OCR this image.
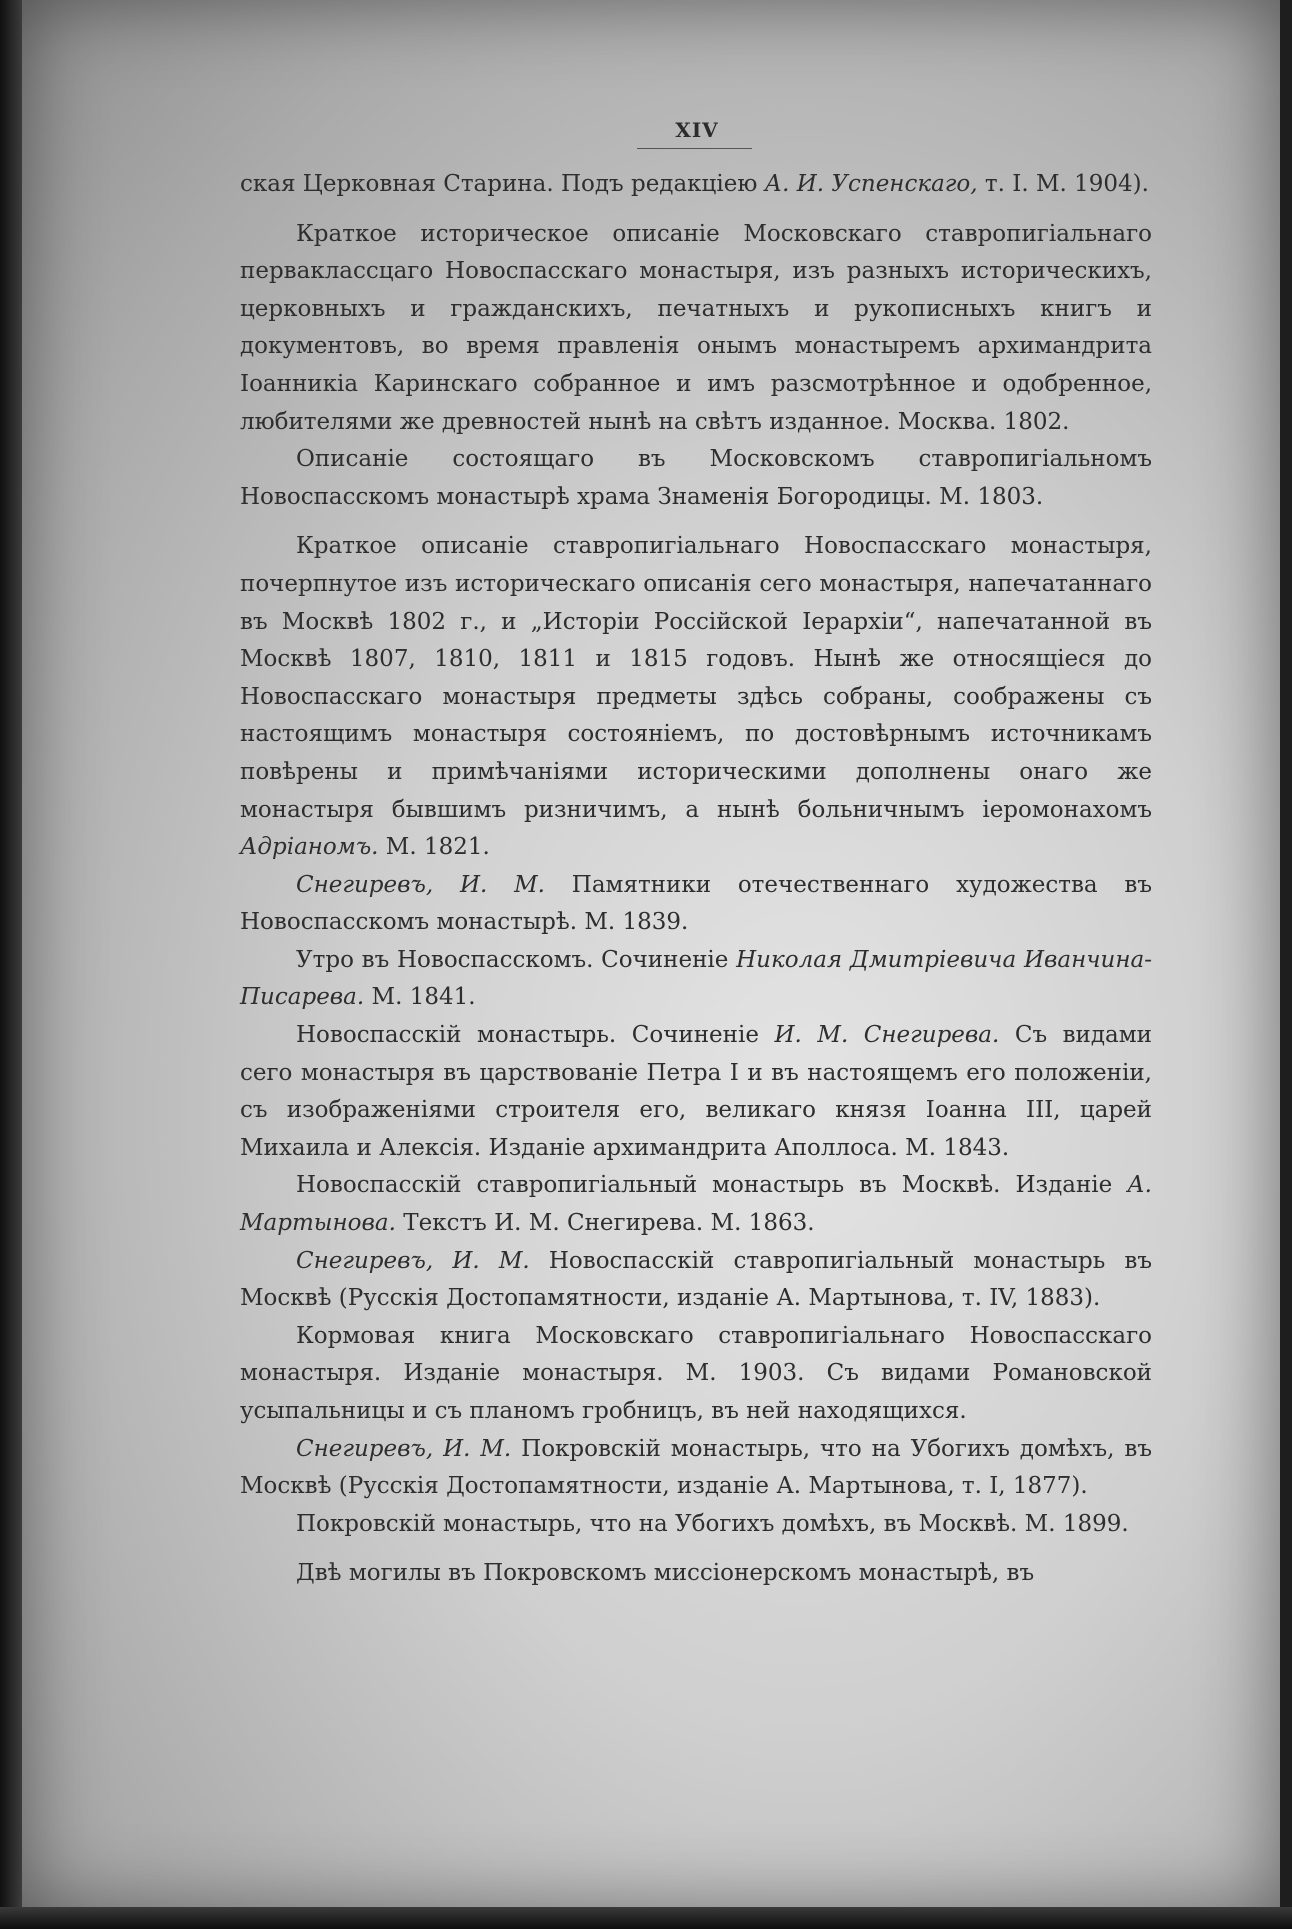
XIV

ская Церковная Старина. Подъ редакціею А. И. Успенскаго, т. I. М. 1904).

Краткое историческое описаніе Московскаго ставропигіальнаго перваклассцаго Новоспасскаго монастыря, изъ разныхъ историческихъ, церковныхъ и гражданскихъ, печатныхъ и рукописныхъ книгъ и документовъ, во время правленія онымъ монастыремъ архимандрита Іоанникіа Каринскаго собранное и имъ разсмотрѣнное и одобренное, любителями же древностей нынѣ на свѣтъ изданное. Москва. 1802.

Описаніе состоящаго въ Московскомъ ставропигіальномъ Новоспасскомъ монастырѣ храма Знаменія Богородицы. М. 1803.

Краткое описаніе ставропигіальнаго Новоспасскаго монастыря, почерпнутое изъ историческаго описанія сего монастыря, напечатаннаго въ Москвѣ 1802 г., и „Исторіи Россійской Іерархіи“, напечатанной въ Москвѣ 1807, 1810, 1811 и 1815 годовъ. Нынѣ же относящіеся до Новоспасскаго монастыря предметы здѣсь собраны, соображены съ настоящимъ монастыря состояніемъ, по достовѣрнымъ источникамъ повѣрены и примѣчаніями историческими дополнены онаго же монастыря бывшимъ ризничимъ, а нынѣ больничнымъ іеромонахомъ Адріаномъ. М. 1821.

Снегиревъ, И. М. Памятники отечественнаго художества въ Новоспасскомъ монастырѣ. М. 1839.

Утро въ Новоспасскомъ. Сочиненіе Николая Дмитріевича Иванчина-Писарева. М. 1841.

Новоспасскій монастырь. Сочиненіе И. М. Снегирева. Съ видами сего монастыря въ царствованіе Петра I и въ настоящемъ его положеніи, съ изображеніями строителя его, великаго князя Іоанна III, царей Михаила и Алексія. Изданіе архимандрита Аполлоса. М. 1843.

Новоспасскій ставропигіальный монастырь въ Москвѣ. Изданіе А. Мартынова. Текстъ И. М. Снегирева. М. 1863.

Снегиревъ, И. М. Новоспасскій ставропигіальный монастырь въ Москвѣ (Русскія Достопамятности, изданіе А. Мартынова, т. IV, 1883).

Кормовая книга Московскаго ставропигіальнаго Новоспасскаго монастыря. Изданіе монастыря. М. 1903. Съ видами Романовской усыпальницы и съ планомъ гробницъ, въ ней находящихся.

Снегиревъ, И. М. Покровскій монастырь, что на Убогихъ домѣхъ, въ Москвѣ (Русскія Достопамятности, изданіе А. Мартынова, т. I, 1877).

Покровскій монастырь, что на Убогихъ домѣхъ, въ Москвѣ. М. 1899.

Двѣ могилы въ Покровскомъ миссіонерскомъ монастырѣ, въ
